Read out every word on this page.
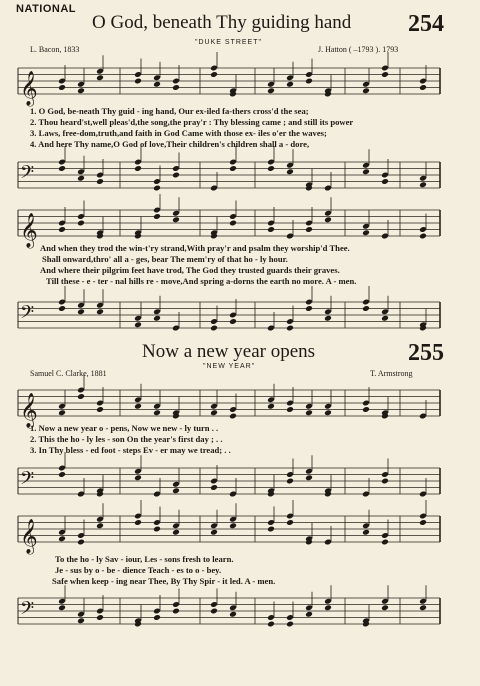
NATIONAL
O God, beneath Thy guiding hand 254
"DUKE STREET"
L. Bacon, 1833	J. Hatton ( –1793 ). 1793
𝄞
1. O God, be-neath Thy guid - ing hand, Our ex-iled fa-thers cross'd the sea;
2. Thou heard'st,well pleas'd,the song,the pray'r : Thy blessing came ; and still its power
3. Laws, free-dom,truth,and faith in God Came with those ex- iles o'er the waves;
4. And here Thy name,O God of love,Their children's children shall a - dore,
𝄢
𝄞 And when they trod the win-t'ry strand,With pray'r and psalm they worship'd Thee.
Shall onward,thro' all a - ges, bear The mem'ry of that ho - ly hour.
And where their pilgrim feet have trod, The God they trusted guards their graves.
Till these - e - ter - nal hills re - move,And spring a-dorns the earth no more. A - men.
𝄢
Now a new year opens	255
"NEW YEAR"
Samuel C. Clarke, 1881	T. Armstrong
𝄞
1. Now a new year o - pens, Now we new - ly turn . .
2. This the ho - ly les - son On the year's first day ; . .
3. In Thy bless - ed foot - steps Ev - er may we tread; . .
𝄢
𝄞
To the ho - ly Sav - iour, Les - sons fresh to learn.
Je - sus by o - be - dience Teach - es to o - bey.
Safe when keep - ing near Thee, By Thy Spir - it led. A - men.
𝄢
